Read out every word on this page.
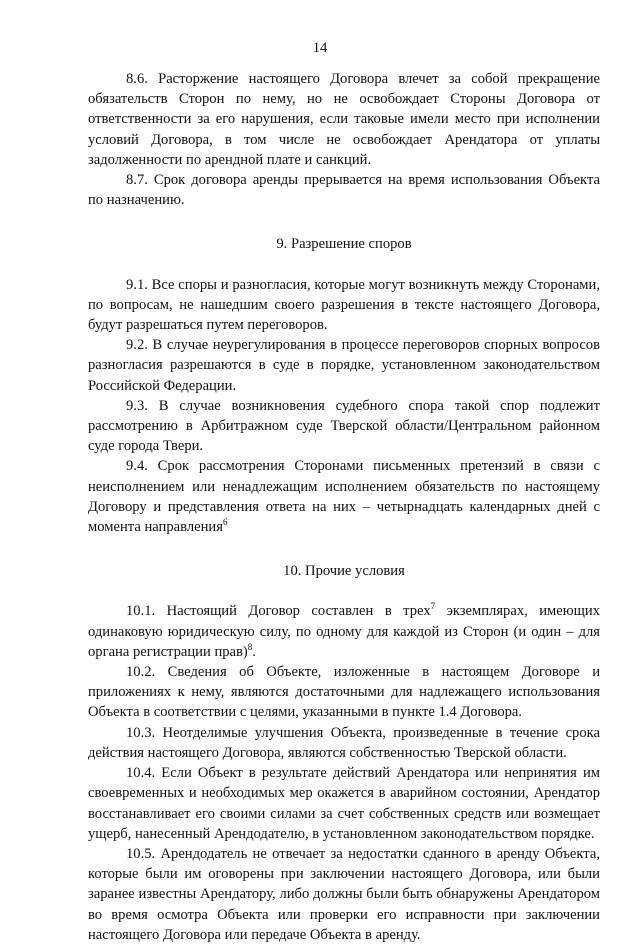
14

8.6. Расторжение настоящего Договора влечет за собой прекращение обязательств Сторон по нему, но не освобождает Стороны Договора от ответственности за его нарушения, если таковые имели место при исполнении условий Договора, в том числе не освобождает Арендатора от уплаты задолженности по арендной плате и санкций.

8.7. Срок договора аренды прерывается на время использования Объекта по назначению.

9. Разрешение споров

9.1. Все споры и разногласия, которые могут возникнуть между Сторонами, по вопросам, не нашедшим своего разрешения в тексте настоящего Договора, будут разрешаться путем переговоров.

9.2. В случае неурегулирования в процессе переговоров спорных вопросов разногласия разрешаются в суде в порядке, установленном законодательством Российской Федерации.

9.3. В случае возникновения судебного спора такой спор подлежит рассмотрению в Арбитражном суде Тверской области/Центральном районном суде города Твери.

9.4. Срок рассмотрения Сторонами письменных претензий в связи с неисполнением или ненадлежащим исполнением обязательств по настоящему Договору и представления ответа на них – четырнадцать календарных дней с момента направления$^6$

10. Прочие условия

10.1. Настоящий Договор составлен в трех$^7$ экземплярах, имеющих одинаковую юридическую силу, по одному для каждой из Сторон (и один – для органа регистрации прав)$^8$.

10.2. Сведения об Объекте, изложенные в настоящем Договоре и приложениях к нему, являются достаточными для надлежащего использования Объекта в соответствии с целями, указанными в пункте 1.4 Договора.

10.3. Неотделимые улучшения Объекта, произведенные в течение срока действия настоящего Договора, являются собственностью Тверской области.

10.4. Если Объект в результате действий Арендатора или непринятия им своевременных и необходимых мер окажется в аварийном состоянии, Арендатор восстанавливает его своими силами за счет собственных средств или возмещает ущерб, нанесенный Арендодателю, в установленном законодательством порядке.

10.5. Арендодатель не отвечает за недостатки сданного в аренду Объекта, которые были им оговорены при заключении настоящего Договора, или были заранее известны Арендатору, либо должны были быть обнаружены Арендатором во время осмотра Объекта или проверки его исправности при заключении настоящего Договора или передаче Объекта в аренду.
